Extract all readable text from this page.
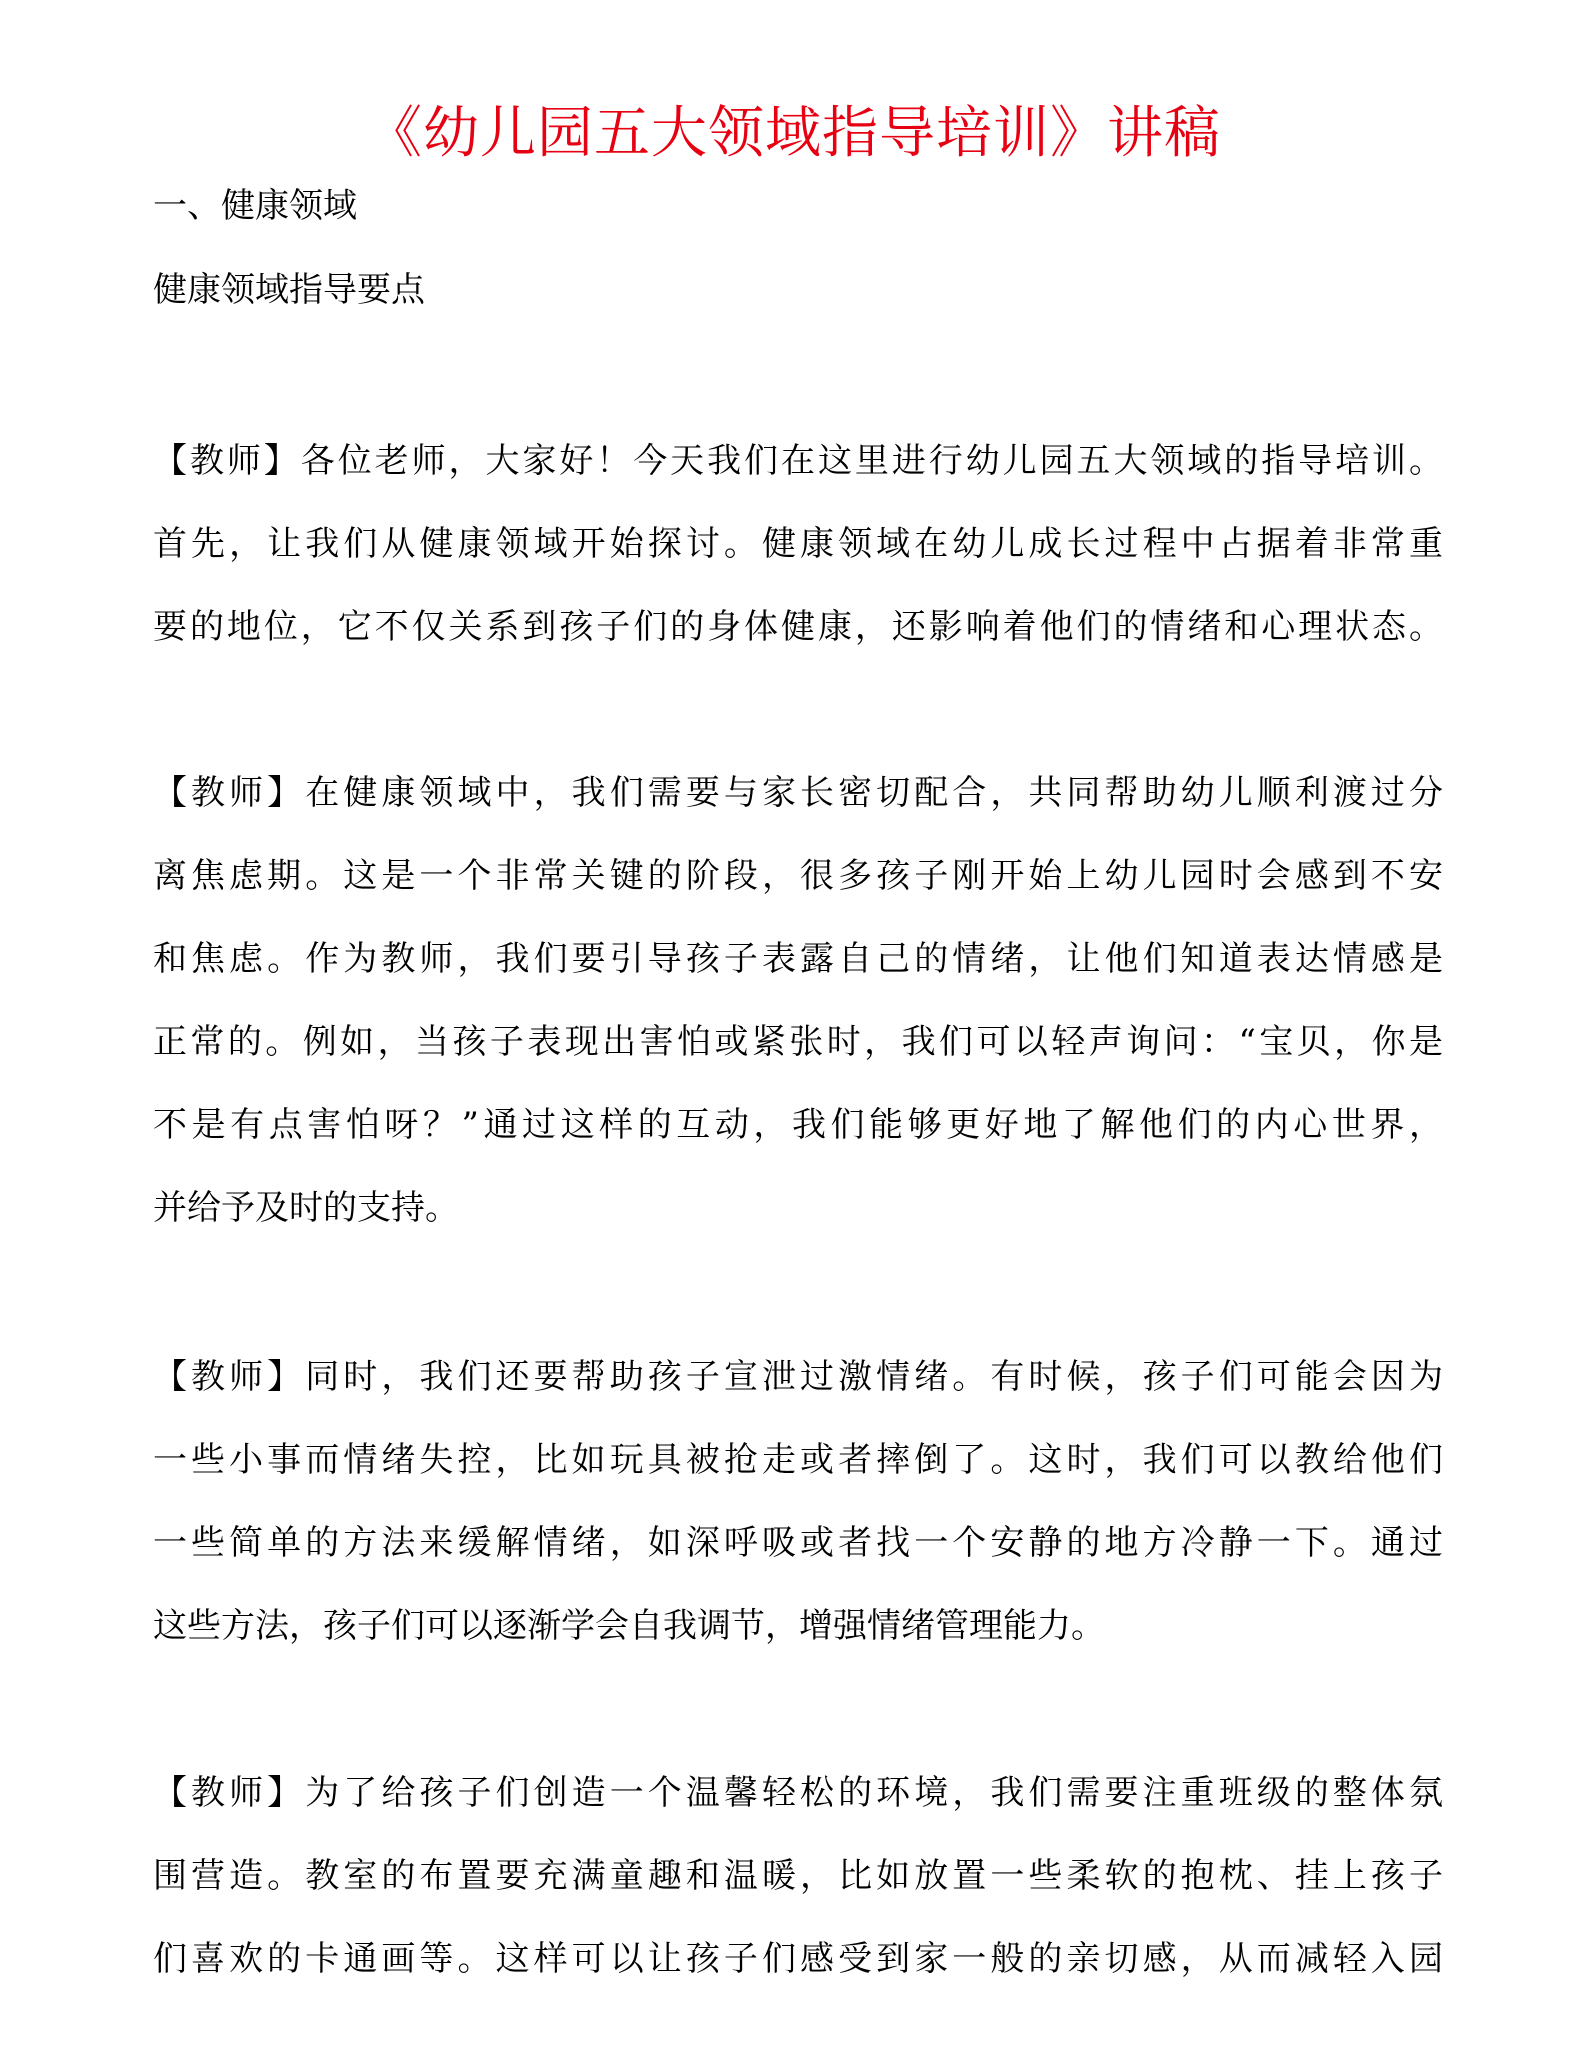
《幼儿园五大领域指导培训》讲稿
一、健康领域
健康领域指导要点
【教师】各位老师，大家好！今天我们在这里进行幼儿园五大领域的指导培训。
首先，让我们从健康领域开始探讨。健康领域在幼儿成长过程中占据着非常重
要的地位，它不仅关系到孩子们的身体健康，还影响着他们的情绪和心理状态。
【教师】在健康领域中，我们需要与家长密切配合，共同帮助幼儿顺利渡过分
离焦虑期。这是一个非常关键的阶段，很多孩子刚开始上幼儿园时会感到不安
和焦虑。作为教师，我们要引导孩子表露自己的情绪，让他们知道表达情感是
正常的。例如，当孩子表现出害怕或紧张时，我们可以轻声询问：“宝贝，你是
不是有点害怕呀？”通过这样的互动，我们能够更好地了解他们的内心世界，
并给予及时的支持。
【教师】同时，我们还要帮助孩子宣泄过激情绪。有时候，孩子们可能会因为
一些小事而情绪失控，比如玩具被抢走或者摔倒了。这时，我们可以教给他们
一些简单的方法来缓解情绪，如深呼吸或者找一个安静的地方冷静一下。通过
这些方法，孩子们可以逐渐学会自我调节，增强情绪管理能力。
【教师】为了给孩子们创造一个温馨轻松的环境，我们需要注重班级的整体氛
围营造。教室的布置要充满童趣和温暖，比如放置一些柔软的抱枕、挂上孩子
们喜欢的卡通画等。这样可以让孩子们感受到家一般的亲切感，从而减轻入园
